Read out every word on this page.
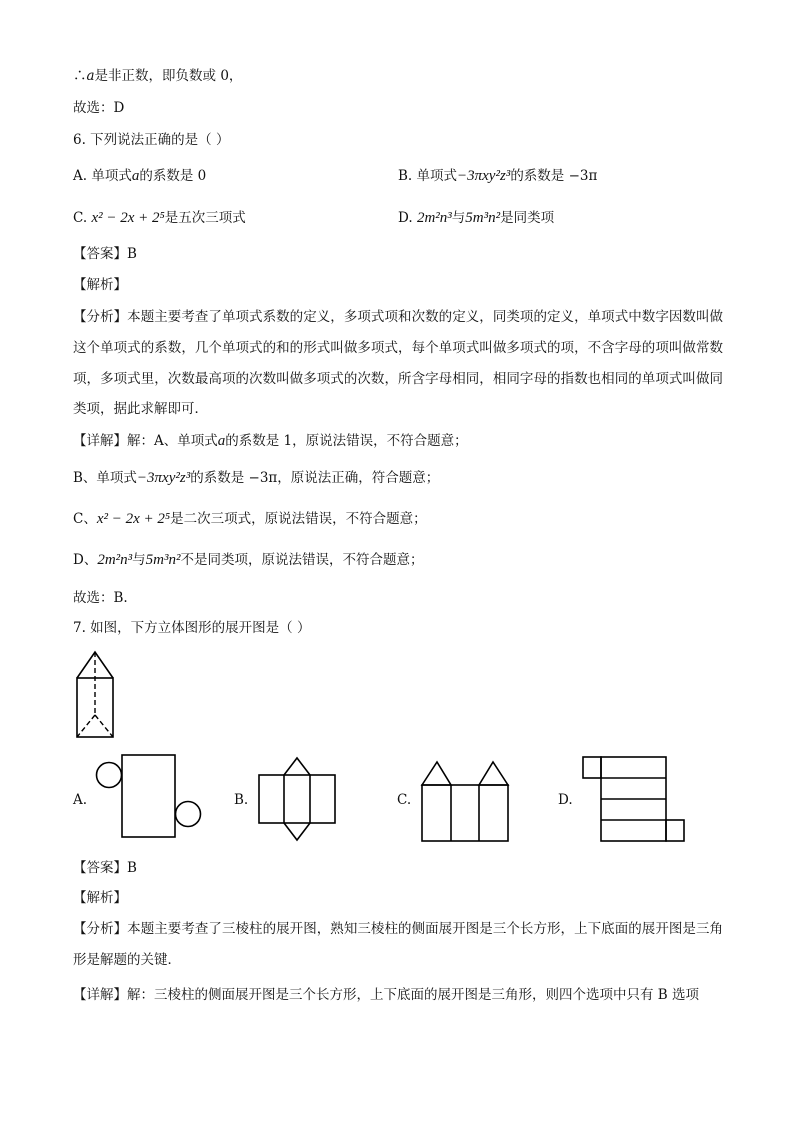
∴𝑎是非正数，即负数或 0，
故选：D
6. 下列说法正确的是（ ）
A. 单项式a的系数是 0	B. 单项式−3πxy²z³的系数是 −3π
C. x² − 2x + 2⁵是五次三项式	D. 2m²n³与5m³n²是同类项
【答案】B
【解析】
【分析】本题主要考查了单项式系数的定义，多项式项和次数的定义，同类项的定义，单项式中数字因数叫做这个单项式的系数，几个单项式的和的形式叫做多项式，每个单项式叫做多项式的项，不含字母的项叫做常数项，多项式里，次数最高项的次数叫做多项式的次数，所含字母相同，相同字母的指数也相同的单项式叫做同类项，据此求解即可．
【详解】解：A、单项式a的系数是 1，原说法错误，不符合题意；
B、单项式−3πxy²z³的系数是 −3π，原说法正确，符合题意；
C、x² − 2x + 2⁵是二次三项式，原说法错误，不符合题意；
D、2m²n³与5m³n²不是同类项，原说法错误，不符合题意；
故选：B.
7. 如图，下方立体图形的展开图是（ ）
A.	B.	C.	D.
【答案】B
【解析】
【分析】本题主要考查了三棱柱的展开图，熟知三棱柱的侧面展开图是三个长方形，上下底面的展开图是三角形是解题的关键．
【详解】解：三棱柱的侧面展开图是三个长方形，上下底面的展开图是三角形，则四个选项中只有 B 选项
